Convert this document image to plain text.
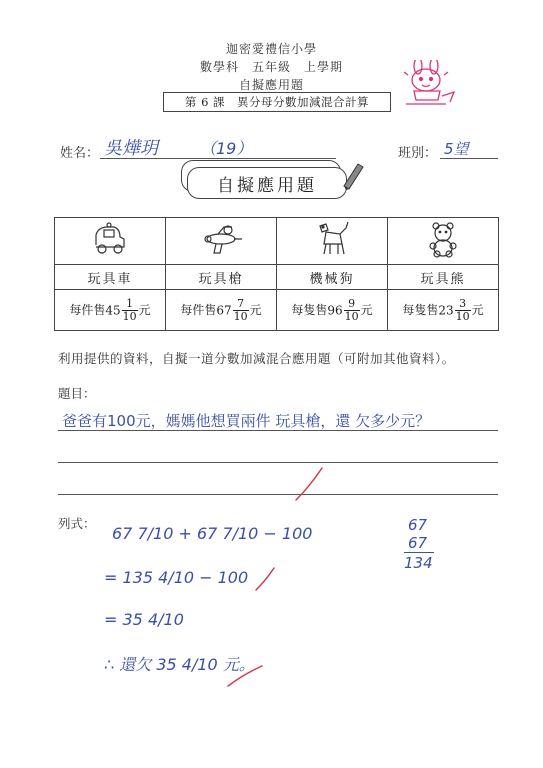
迦密愛禮信小學
數學科　五年級　上學期
自擬應用題
第 6 課　異分母分數加減混合計算
姓名： 吳燁玥	（19）	班別： 5望
自擬應用題

玩具車	玩具槍	機械狗	玩具熊
每件售$45 \frac{1}{10}$ 元	每件售$67 \frac{7}{10}$ 元	每隻售$96 \frac{9}{10}$ 元	每隻售$23 \frac{3}{10}$ 元
利用提供的資料，自擬一道分數加減混合應用題（可附加其他資料）。
題目：
爸爸有100元，媽媽他想買兩件 玩具槍，還 欠多少元？
列式：
67 7/10 + 67 7/10 − 100
= 135 4/10 − 100
= 35 4/10
∴ 還欠 35 4/10 元。
67
67
134
